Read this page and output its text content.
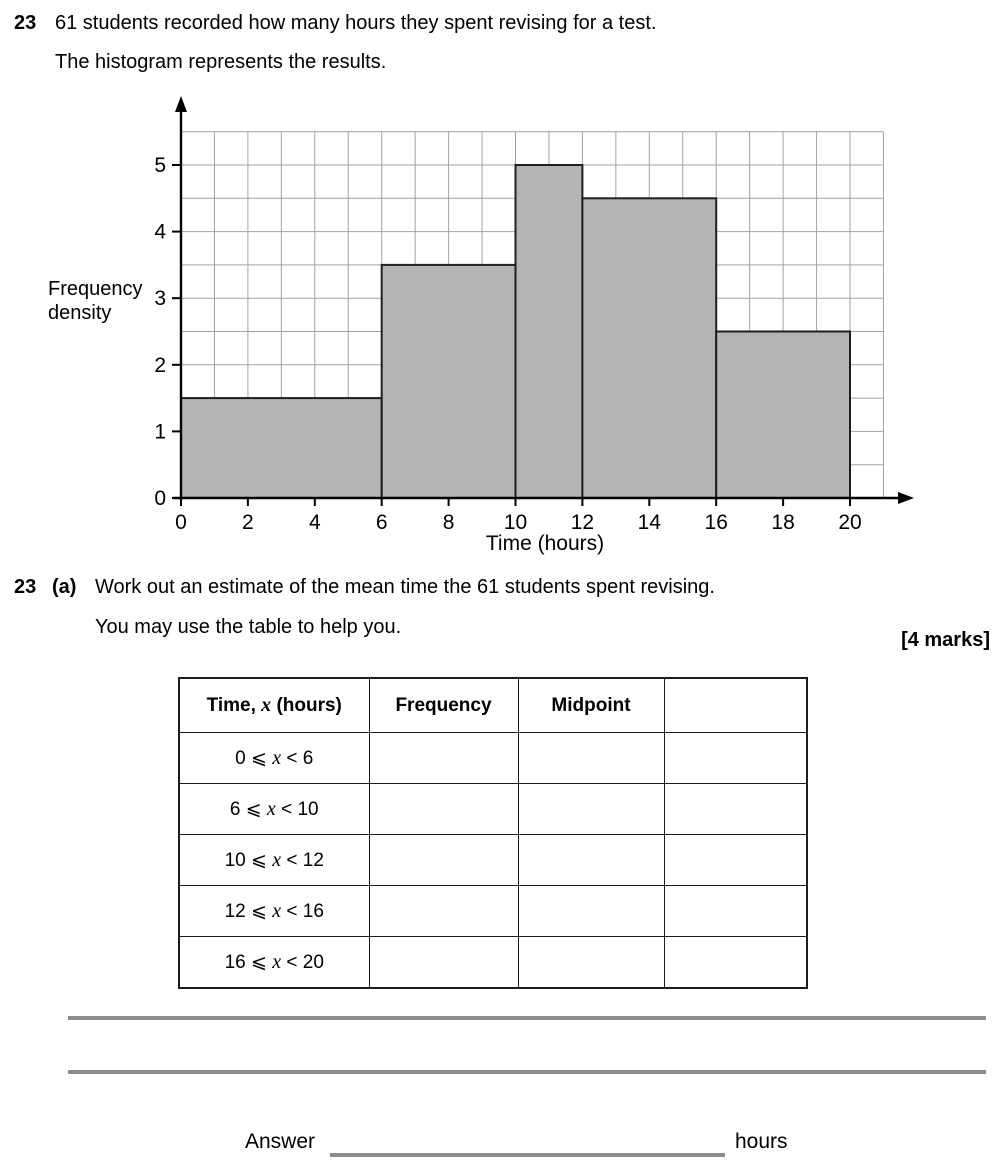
23 61 students recorded how many hours they spent revising for a test.
The histogram represents the results.
Frequency density
0
1
2
3
4
5
0	2	4	6	8 10 12 14 16 18 20
Time (hours)
23 (a) Work out an estimate of the mean time the 61 students spent revising.
You may use the table to help you.
[4 marks]
Time, x (hours)	Frequency	Midpoint	
0 ⩽ x < 6			
6 ⩽ x < 10			
10 ⩽ x < 12			
12 ⩽ x < 16			
16 ⩽ x < 20			
Answer	hours
